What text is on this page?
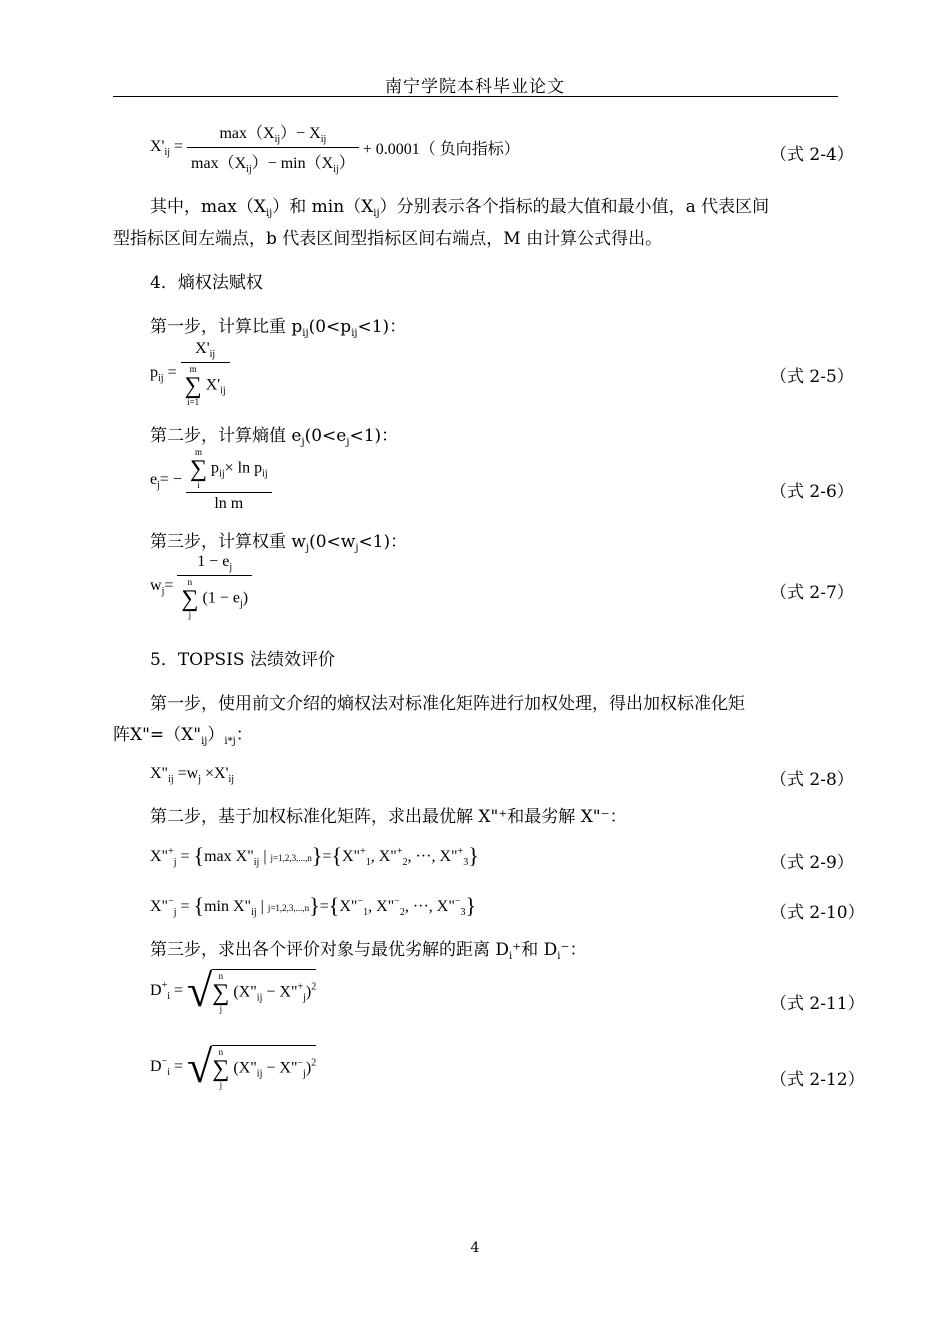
南宁学院本科毕业论文
$X'_{ij} = \frac{\max(X_{ij})- X_{ij}}{\max(X_{ij})- \min(X_{ij})} + 0.0001$（ 负向指标）	（式 2-4）
其中，$\max(X_{ij})$和 $\min(X_{ij})$分别表示各个指标的最大值和最小值，a 代表区间
型指标区间左端点，b 代表区间型指标区间右端点，M 由计算公式得出。
4．熵权法赋权
第一步，计算比重 $p_{ij}(0<p_{ij}<1)$：
$p_{ij} = X'_{ij}$
m
∑
i=1
$X'_{ij}$	（式 2-5）
第二步，计算熵值 $e_j(0<e_j<1)$：
$e_j= - m$
∑
i
$p_{ij}\times \ln p_{ij}$
ln m	（式 2-6）
第三步，计算权重 $w_j(0<w_j<1)$：
$w_j= 1 - e_j$
n
∑
j
$(1 - e_j)$	（式 2-7）
5．TOPSIS 法绩效评价
第一步，使用前文介绍的熵权法对标准化矩阵进行加权处理，得出加权标准化矩
阵$X"=(X"_{ij})_{i*j}$：
$X"_{ij} =w_j \times X'_{ij}$	（式 2-8）
第二步，基于加权标准化矩阵，求出最优解 X"⁺和最劣解 X"⁻：
$X"^+_j = \{\max$ $X"_{ij}$ | $j=1,2,3,...,n\}=\{X"^+_1$, $X"^+_2$, ···, $X"^+_3$}	（式 2-9）
$X"^-_j = \{\min$ $X"_{ij}$ | $j=1,2,3,...,n\}=\{X"^-_1$, $X"^-_2$, ···, $X"^-_3$}	（式 2-10）
第三步，求出各个评价对象与最优劣解的距离 $D_i^+$和 $D_i^-$：
$D^+_i$ = √ n
∑
j
($X"_{ij}$ − $X"^+_j)^2$
（式 2-11）
$D^-_i$ = √ n
∑
j
($X"_{ij}$ − $X"^-_j)^2$
（式 2-12）
4
